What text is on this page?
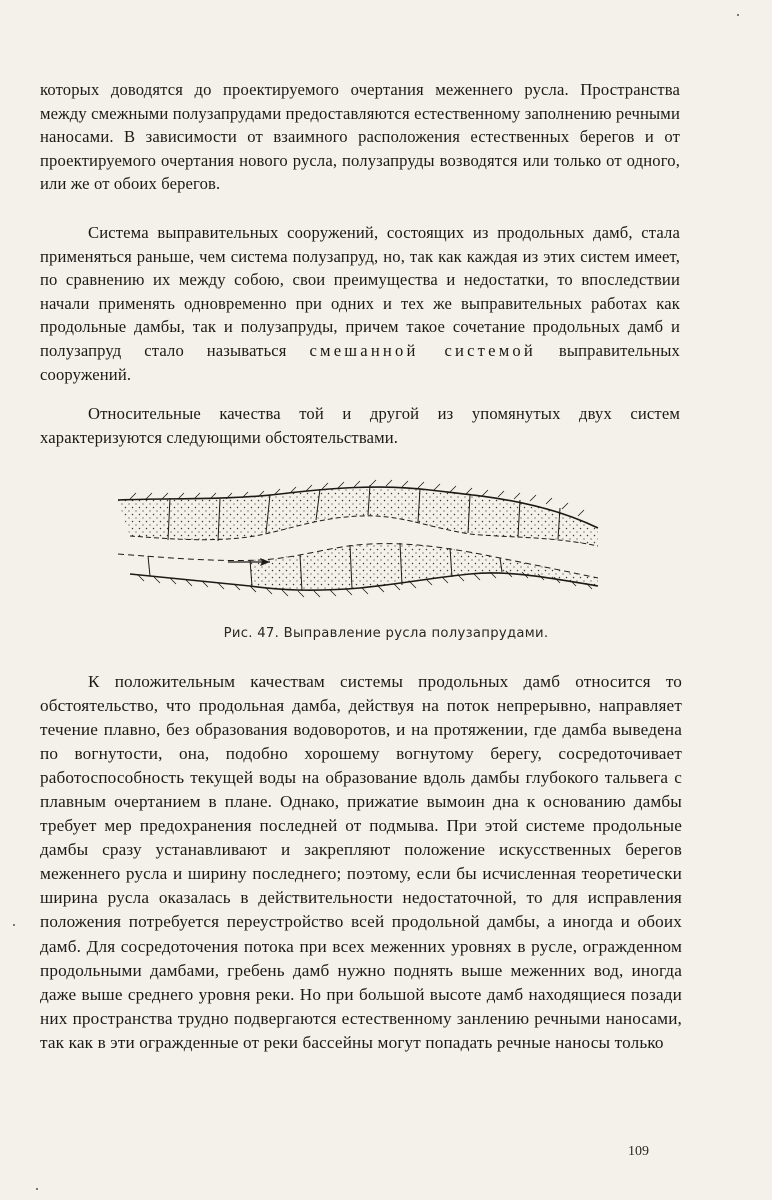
которых доводятся до проектируемого очертания меженнего русла. Пространства между смежными полузапрудами предоставляются естественному заполнению речными наносами. В зависимости от взаимного расположения естественных берегов и от проектируемого очертания нового русла, полузапруды возводятся или только от одного, или же от обоих берегов.

Система выправительных сооружений, состоящих из продольных дамб, стала применяться раньше, чем система полузапруд, но, так как каждая из этих систем имеет, по сравнению их между собою, свои преимущества и недостатки, то впоследствии начали применять одновременно при одних и тех же выправительных работах как продольные дамбы, так и полузапруды, причем такое сочетание продольных дамб и полузапруд стало называться смешанной системой выправительных сооружений.

Относительные качества той и другой из упомянутых двух систем характеризуются следующими обстоятельствами.

Рис. 47. Выправление русла полузапрудами.

К положительным качествам системы продольных дамб относится то обстоятельство, что продольная дамба, действуя на поток непрерывно, направляет течение плавно, без образования водоворотов, и на протяжении, где дамба выведена по вогнутости, она, подобно хорошему вогнутому берегу, сосредоточивает работоспособность текущей воды на образование вдоль дамбы глубокого тальвега с плавным очертанием в плане. Однако, прижатие вымоин дна к основанию дамбы требует мер предохранения последней от подмыва. При этой системе продольные дамбы сразу устанавливают и закрепляют положение искусственных берегов меженнего русла и ширину последнего; поэтому, если бы исчисленная теоретически ширина русла оказалась в действительности недостаточной, то для исправления положения потребуется переустройство всей продольной дамбы, а иногда и обоих дамб. Для сосредоточения потока при всех меженних уровнях в русле, огражденном продольными дамбами, гребень дамб нужно поднять выше меженних вод, иногда даже выше среднего уровня реки. Но при большой высоте дамб находящиеся позади них пространства трудно подвергаются естественному занлению речными наносами, так как в эти огражденные от реки бассейны могут попадать речные наносы только

109
